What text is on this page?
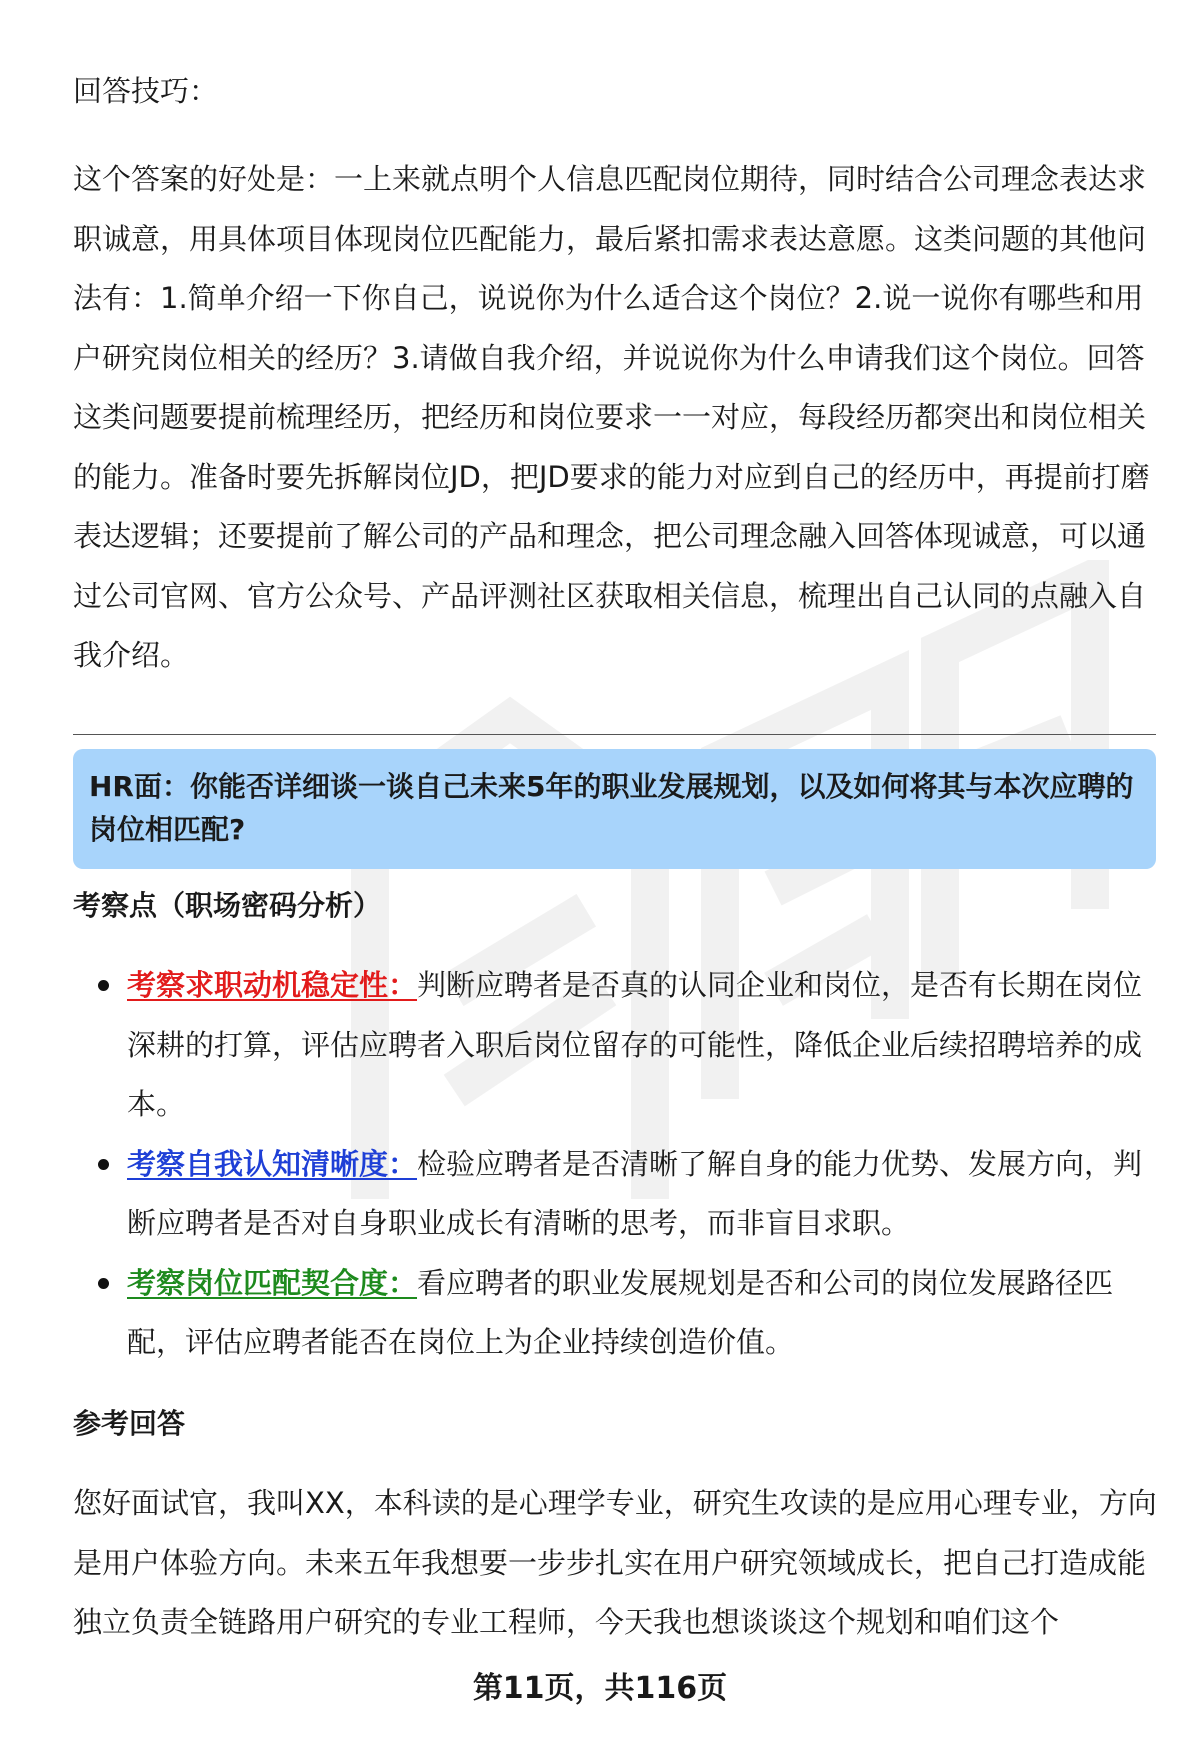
回答技巧：
这个答案的好处是：一上来就点明个人信息匹配岗位期待，同时结合公司理念表达求职诚意，用具体项目体现岗位匹配能力，最后紧扣需求表达意愿。这类问题的其他问法有：1.简单介绍一下你自己，说说你为什么适合这个岗位？2.说一说你有哪些和用户研究岗位相关的经历？3.请做自我介绍，并说说你为什么申请我们这个岗位。回答这类问题要提前梳理经历，把经历和岗位要求一一对应，每段经历都突出和岗位相关的能力。准备时要先拆解岗位JD，把JD要求的能力对应到自己的经历中，再提前打磨表达逻辑；还要提前了解公司的产品和理念，把公司理念融入回答体现诚意，可以通过公司官网、官方公众号、产品评测社区获取相关信息，梳理出自己认同的点融入自我介绍。
HR面：你能否详细谈一谈自己未来5年的职业发展规划，以及如何将其与本次应聘的岗位相匹配?
考察点（职场密码分析）
考察求职动机稳定性：判断应聘者是否真的认同企业和岗位，是否有长期在岗位深耕的打算，评估应聘者入职后岗位留存的可能性，降低企业后续招聘培养的成本。
考察自我认知清晰度：检验应聘者是否清晰了解自身的能力优势、发展方向，判断应聘者是否对自身职业成长有清晰的思考，而非盲目求职。
考察岗位匹配契合度：看应聘者的职业发展规划是否和公司的岗位发展路径匹配，评估应聘者能否在岗位上为企业持续创造价值。
参考回答
您好面试官，我叫XX，本科读的是心理学专业，研究生攻读的是应用心理专业，方向是用户体验方向。未来五年我想要一步步扎实在用户研究领域成长，把自己打造成能独立负责全链路用户研究的专业工程师，今天我也想谈谈这个规划和咱们这个
第11页，共116页
